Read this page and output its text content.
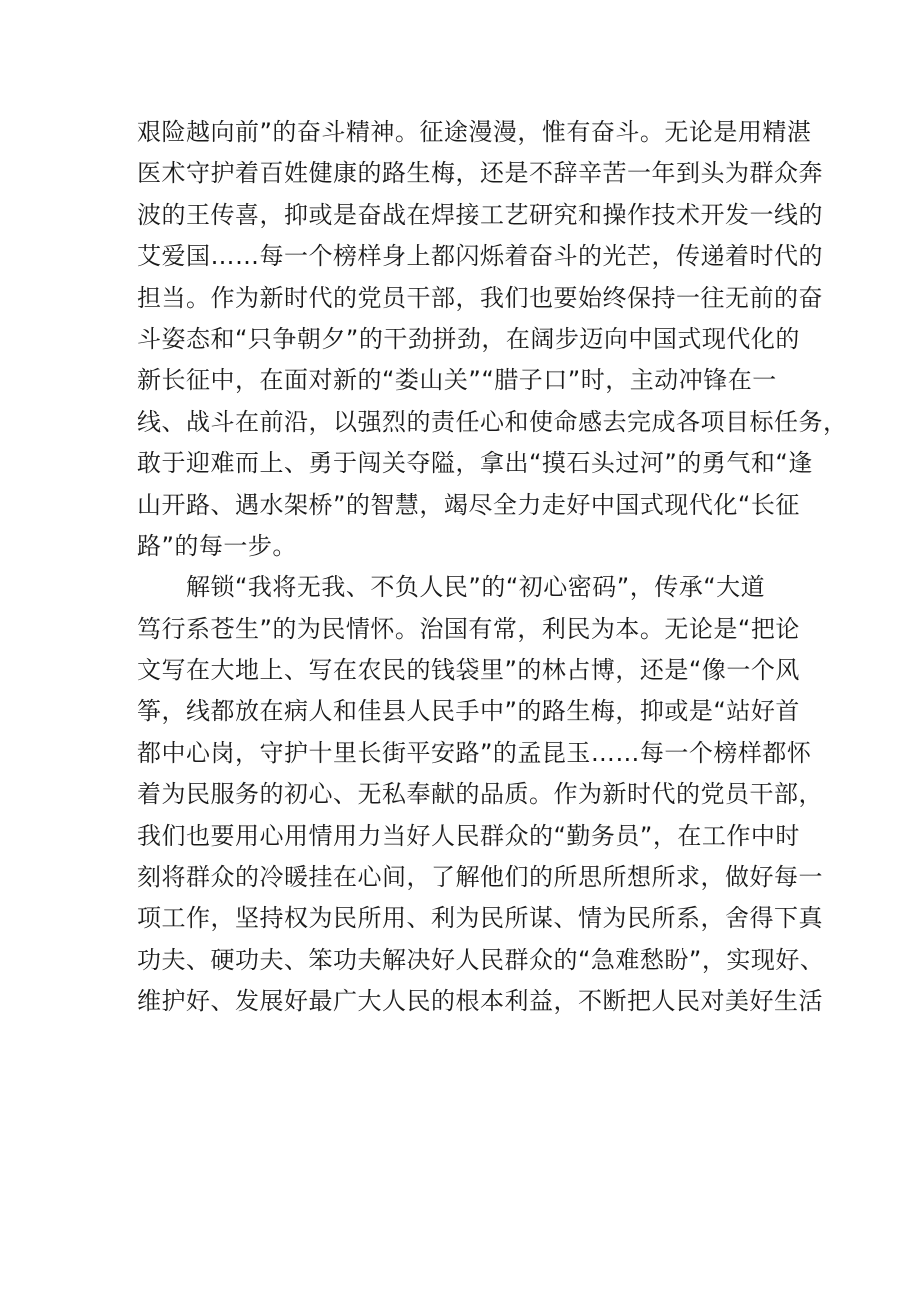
艰险越向前”的奋斗精神。征途漫漫，惟有奋斗。无论是用精湛
医术守护着百姓健康的路生梅，还是不辞辛苦一年到头为群众奔
波的王传喜，抑或是奋战在焊接工艺研究和操作技术开发一线的
艾爱国……每一个榜样身上都闪烁着奋斗的光芒，传递着时代的
担当。作为新时代的党员干部，我们也要始终保持一往无前的奋
斗姿态和“只争朝夕”的干劲拼劲，在阔步迈向中国式现代化的
新长征中，在面对新的“娄山关”“腊子口”时，主动冲锋在一
线、战斗在前沿，以强烈的责任心和使命感去完成各项目标任务，
敢于迎难而上、勇于闯关夺隘，拿出“摸石头过河”的勇气和“逢
山开路、遇水架桥”的智慧，竭尽全力走好中国式现代化“长征
路”的每一步。
　　解锁“我将无我、不负人民”的“初心密码”，传承“大道
笃行系苍生”的为民情怀。治国有常，利民为本。无论是“把论
文写在大地上、写在农民的钱袋里”的林占博，还是“像一个风
筝，线都放在病人和佳县人民手中”的路生梅，抑或是“站好首
都中心岗，守护十里长街平安路”的孟昆玉……每一个榜样都怀
着为民服务的初心、无私奉献的品质。作为新时代的党员干部，
我们也要用心用情用力当好人民群众的“勤务员”，在工作中时
刻将群众的冷暖挂在心间，了解他们的所思所想所求，做好每一
项工作，坚持权为民所用、利为民所谋、情为民所系，舍得下真
功夫、硬功夫、笨功夫解决好人民群众的“急难愁盼”，实现好、
维护好、发展好最广大人民的根本利益，不断把人民对美好生活
